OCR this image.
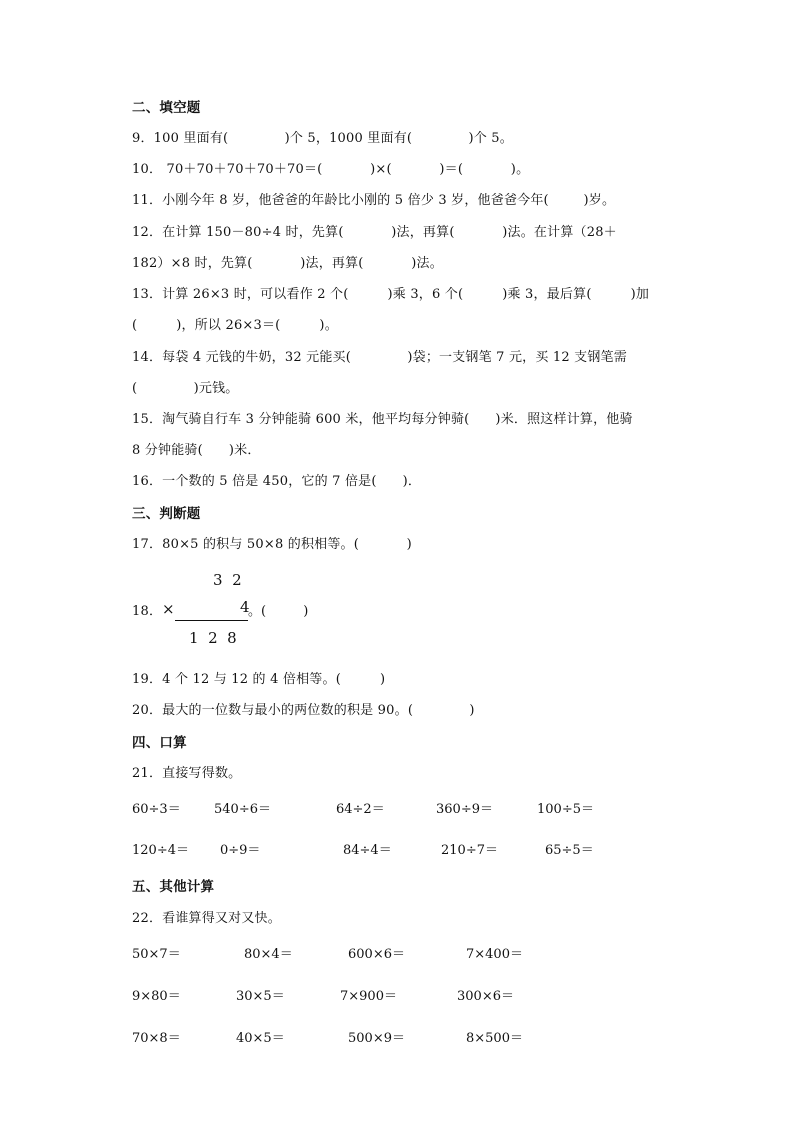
二、填空题
9．100 里面有(             )个 5，1000 里面有(             )个 5。
10． 70＋70＋70＋70＋70＝(           )×(           )＝(           )。
11．小刚今年 8 岁，他爸爸的年龄比小刚的 5 倍少 3 岁，他爸爸今年(        )岁。
12．在计算 150－80÷4 时，先算(           )法，再算(           )法。在计算（28＋
182）×8 时，先算(           )法，再算(           )法。
13．计算 26×3 时，可以看作 2 个(         )乘 3，6 个(         )乘 3，最后算(         )加
(         )，所以 26×3＝(         )。
14．每袋 4 元钱的牛奶，32 元能买(             )袋；一支钢笔 7 元，买 12 支钢笔需
(             )元钱。
15．淘气骑自行车 3 分钟能骑 600 米，他平均每分钟骑(      )米．照这样计算，他骑
8 分钟能骑(      )米．
16．一个数的 5 倍是 450，它的 7 倍是(      )．
三、判断题
17．80×5 的积与 50×8 的积相等。(           )
18．
3  2
×	4
1  2  8
。(         )
19．4 个 12 与 12 的 4 倍相等。(         )
20．最大的一位数与最小的两位数的积是 90。(             )
四、口算
21．直接写得数。
60÷3＝	540÷6＝	64÷2＝	360÷9＝	100÷5＝
120÷4＝ 0÷9＝	84÷4＝	210÷7＝	65÷5＝
五、其他计算
22．看谁算得又对又快。
50×7＝	80×4＝	600×6＝	7×400＝
9×80＝	30×5＝	7×900＝	300×6＝
70×8＝	40×5＝	500×9＝	8×500＝
